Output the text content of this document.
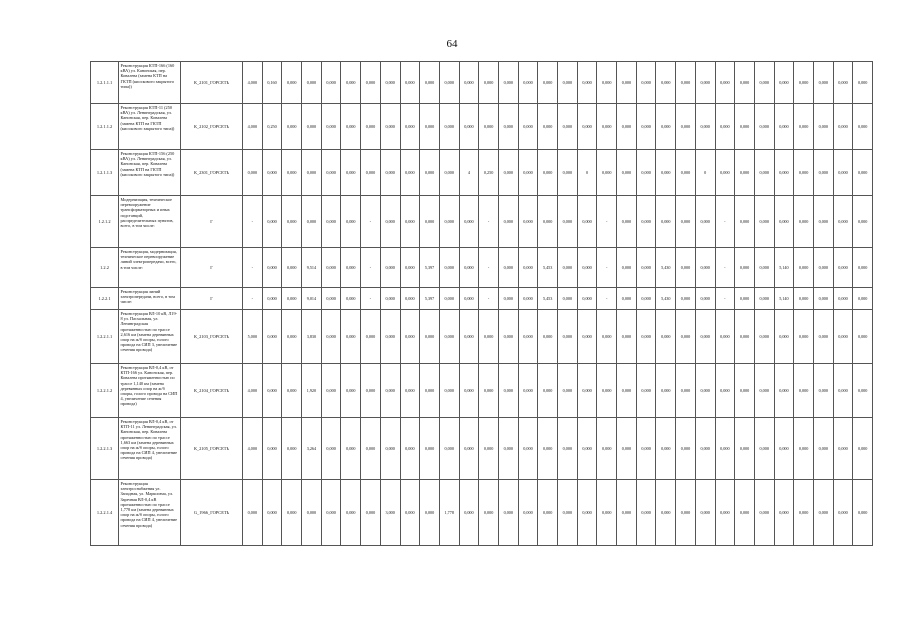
64
1.2.1.1.1	Реконструкция КТП-166 (160 кВА) ул. Канонская, пер. Ковалева (замена КТП на ГКТП (киоскового закрытого типа))	К_2101_ГОРСЕТЬ	4,000	0,160	0,000	0,000	0,000	0,000	0,000	0,000	0,000	0,000	0,000	0,000	0,000	0,000	0,000	0,000	0,000	0,000	0,000	0,000	0,000	0,000	0,000	0,000	0,000	0,000	0,000	0,000	0,000	0,000	0,000	0,000
1.2.1.1.2	Реконструкция КТП-11 (250 кВА) ул. Ленинградская, ул. Канонская, пер. Ковалева (замена КТП на ГКТП (киоскового закрытого типа))	К_2102_ГОРСЕТЬ	4,000	0,250	0,000	0,000	0,000	0,000	0,000	0,000	0,000	0,000	0,000	0,000	0,000	0,000	0,000	0,000	0,000	0,000	0,000	0,000	0,000	0,000	0,000	0,000	0,000	0,000	0,000	0,000	0,000	0,000	0,000	0,000
1.2.1.1.3	Реконструкция КТП-156 (250 кВА) ул. Ленинградская, ул. Канонская, пер. Ковалева (замена КТП на ГКТП (киоскового закрытого типа))	К_2301_ГОРСЕТЬ	0,000	0,000	0,000	0,000	0,000	0,000	0,000	0,000	0,000	0,000	0,000	4	0,250	0,000	0,000	0,000	0,000	0	0,000	0,000	0,000	0,000	0,000	0	0,000	0,000	0,000	0,000	0,000	0,000	0,000	0,000
1.2.1.2	Модернизация, техническое перевооружение трансформаторных и иных подстанций, распределительных пунктов, всего, в том числе:	Г	-	0,000	0,000	0,000	0,000	0,000	-	0,000	0,000	0,000	0,000	0,000	-	0,000	0,000	0,000	0,000	0,000	-	0,000	0,000	0,000	0,000	0,000	-	0,000	0,000	0,000	0,000	0,000	0,000	0,000
1.2.2	Реконструкция, модернизация, техническое перевооружение линий электропередачи, всего, в том числе:	Г	-	0,000	0,000	9,514	0,000	0,000	-	0,000	0,000	5,397	0,000	0,000	-	0,000	0,000	5,453	0,000	0,000	-	0,000	0,000	5,430	0,000	0,000	-	0,000	0,000	5,140	0,000	0,000	0,000	0,000
1.2.2.1	Реконструкция линий электропередачи, всего, в том числе:	Г	-	0,000	0,000	9,014	0,000	0,000	-	0,000	0,000	5,397	0,000	0,000	-	0,000	0,000	5,453	0,000	0,000	-	0,000	0,000	5,430	0,000	0,000	-	0,000	0,000	5,140	0,000	0,000	0,000	0,000
1.2.2.1.1	Реконструкция ВЛ-10 кВ, Л19-8 ул. Пасхальная, ул. Ленинградская протяженностью по трассе 2,616 км (замена деревянных опор на ж/б опоры, голого провода на СИП 3, увеличение сечения провода)	К_2103_ГОРСЕТЬ	5,000	0,000	0,000	3,830	0,000	0,000	0,000	0,000	0,000	0,000	0,000	0,000	0,000	0,000	0,000	0,000	0,000	0,000	0,000	0,000	0,000	0,000	0,000	0,000	0,000	0,000	0,000	0,000	0,000	0,000	0,000	0,000
1.2.2.1.2	Реконструкция ВЛ-0,4 кВ, от КТП-166 ул. Канонская, пер. Ковалева протяженностью по трассе 1,140 км (замена деревянных опор на ж/б опоры, голого провода на СИП 4, увеличение сечения провода)	К_2104_ГОРСЕТЬ	4,000	0,000	0,000	1,920	0,000	0,000	0,000	0,000	0,000	0,000	0,000	0,000	0,000	0,000	0,000	0,000	0,000	0,000	0,000	0,000	0,000	0,000	0,000	0,000	0,000	0,000	0,000	0,000	0,000	0,000	0,000	0,000
1.2.2.1.3	Реконструкция ВЛ-0,4 кВ, от КТП-11 ул. Ленинградская, ул. Канонская, пер. Ковалева протяженностью по трассе 1,663 км (замена деревянных опор на ж/б опоры, голого провода на СИП 4, увеличение сечения провода)	К_2105_ГОРСЕТЬ	4,000	0,000	0,000	3,264	0,000	0,000	0,000	0,000	0,000	0,000	0,000	0,000	0,000	0,000	0,000	0,000	0,000	0,000	0,000	0,000	0,000	0,000	0,000	0,000	0,000	0,000	0,000	0,000	0,000	0,000	0,000	0,000
1.2.2.1.4	Реконструкция электроснабжения ул. Западная, ул. Марксизма, ул. Заречная ВЛ-0,4 кВ протяженностью по трассе 1,778 км (замена деревянных опор на ж/б опоры, голого провода на СИП 4, увеличение сечения провода)	G_1966_ГОРСЕТЬ	0,000	0,000	0,000	0,000	0,000	0,000	0,000	3,000	0,000	0,000	1,778	0,000	0,000	0,000	0,000	0,000	0,000	0,000	0,000	0,000	0,000	0,000	0,000	0,000	0,000	0,000	0,000	0,000	0,000	0,000	0,000	0,000
